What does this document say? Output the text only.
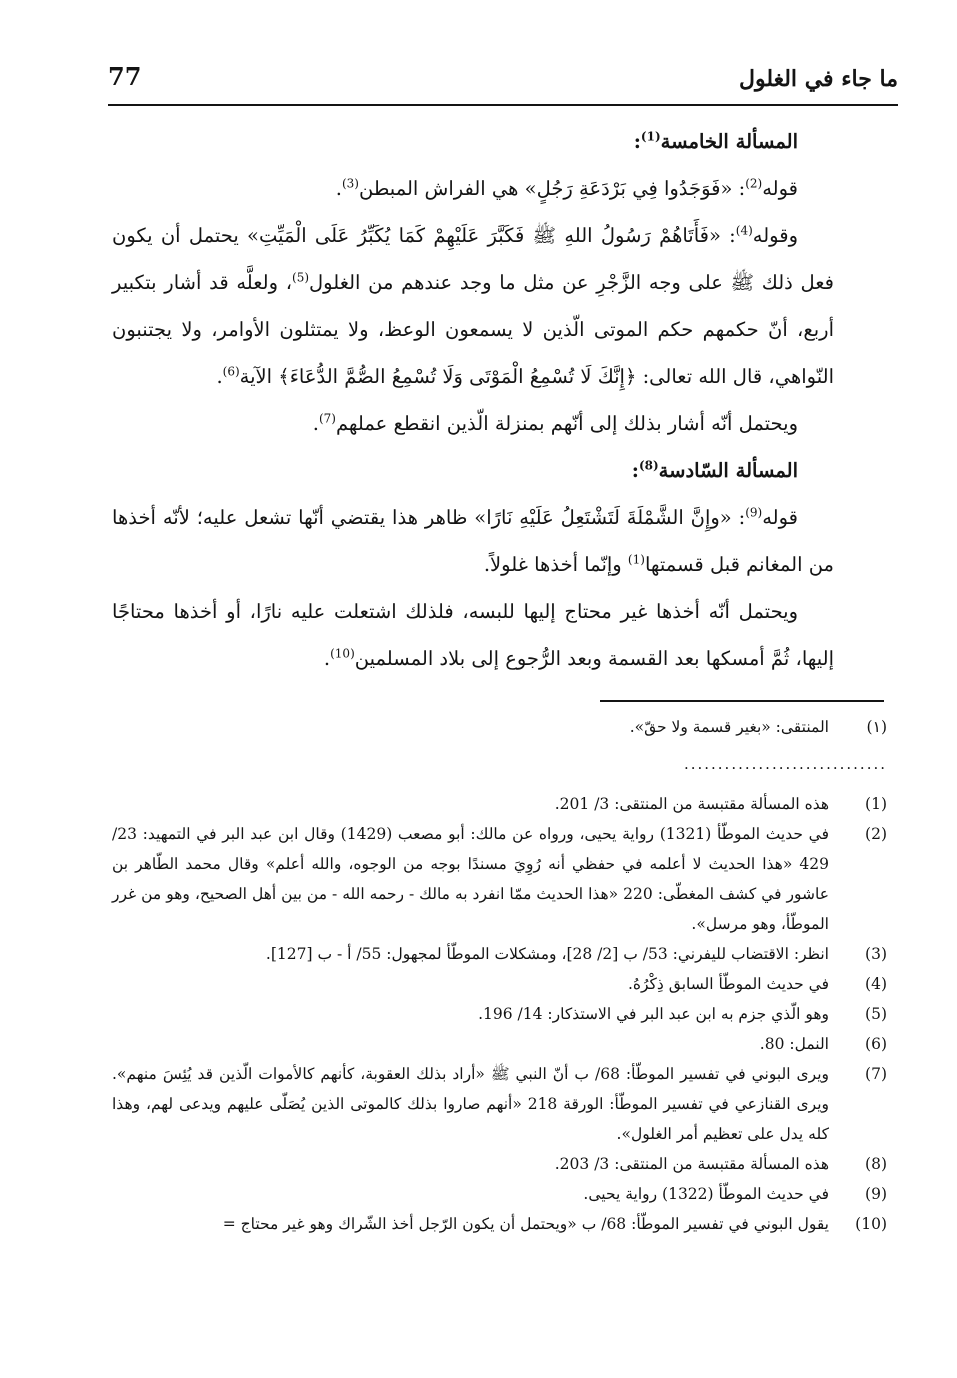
77	ما جاء في الغلول

المسألة الخامسة$^{(1)}$:

قوله$^{(2)}$: «فَوَجَدُوا فِي بَرْدَعَةِ رَجُلٍ» هي الفراش المبطن$^{(3)}$.

وقوله$^{(4)}$: «فَأَتَاهُمْ رَسُولُ اللهِ ﷺ فَكَبَّرَ عَلَيْهِمْ كَمَا يُكَبِّرُ عَلَى الْمَيِّتِ» يحتمل أن يكون فعل ذلك ﷺ على وجه الزَّجْرِ عن مثل ما وجد عندهم من الغلول$^{(5)}$، ولعلَّه قد أشار بتكبير أربع، أنّ حكمهم حكم الموتى الّذين لا يسمعون الوعظ، ولا يمتثلون الأوامر، ولا يجتنبون النّواهي، قال الله تعالى: ﴿إِنَّكَ لَا تُسْمِعُ الْمَوْتَى وَلَا تُسْمِعُ الصُّمَّ الدُّعَاءَ﴾ الآية$^{(6)}$.

ويحتمل أنّه أشار بذلك إلى أنّهم بمنزلة الّذين انقطع عملهم$^{(7)}$.

المسألة السّادسة$^{(8)}$:

قوله$^{(9)}$: «وإِنَّ الشَّمْلَةَ لَتَشْتَعِلُ عَلَيْهِ نَارًا» ظاهر هذا يقتضي أنّها تشعل عليه؛ لأنّه أخذها من المغانم قبل قسمتها$^{(1)}$ وإنّما أخذها غلولاً.

ويحتمل أنّه أخذها غير محتاج إليها للبسه، فلذلك اشتعلت عليه نارًا، أو أخذها محتاجًا إليها، ثُمَّ أمسكها بعد القسمة وبعد الرُّجوع إلى بلاد المسلمين$^{(10)}$.

(١)
المنتقى: «بغير قسمة ولا حقّ».
..............................
(1)
هذه المسألة مقتبسة من المنتقى: 3/ 201.
(2)
في حديث الموطّأ (1321) رواية يحيى، ورواه عن مالك: أبو مصعب (1429) وقال ابن عبد البر في التمهيد: 23/ 429 «هذا الحديث لا أعلمه في حفظي أنه رُوِيَ مسندًا بوجه من الوجوه، والله أعلم» وقال محمد الطّاهر بن عاشور في كشف المغطّى: 220 «هذا الحديث ممّا انفرد به مالك - رحمه الله - من بين أهل الصحيح، وهو من غرر الموطّأ، وهو مرسل».
(3)
انظر: الاقتضاب لليفرني: 53/ ب [2/ 28]، ومشكلات الموطّأ لمجهول: 55/ أ - ب [127].
(4)
في حديث الموطّأ السابق ذِكْرُهُ.
(5)
وهو الّذي جزم به ابن عبد البر في الاستذكار: 14/ 196.
(6)
النمل: 80.
(7)
ويرى البوني في تفسير الموطّأ: 68/ ب أنّ النبي ﷺ «أراد بذلك العقوبة، كأنهم كالأموات الّذين قد يُئِسَ منهم». ويرى القنازعي في تفسير الموطّأ: الورقة 218 «أنهم صاروا بذلك كالموتى الذين يُصَلّى عليهم ويدعى لهم، وهذا كله يدل على تعظيم أمر الغلول».
(8)
هذه المسألة مقتبسة من المنتقى: 3/ 203.
(9)
في حديث الموطّأ (1322) رواية يحيى.
(10)
يقول البوني في تفسير الموطّأ: 68/ ب «ويحتمل أن يكون الرّجل أخذ الشّراك وهو غير محتاج =
